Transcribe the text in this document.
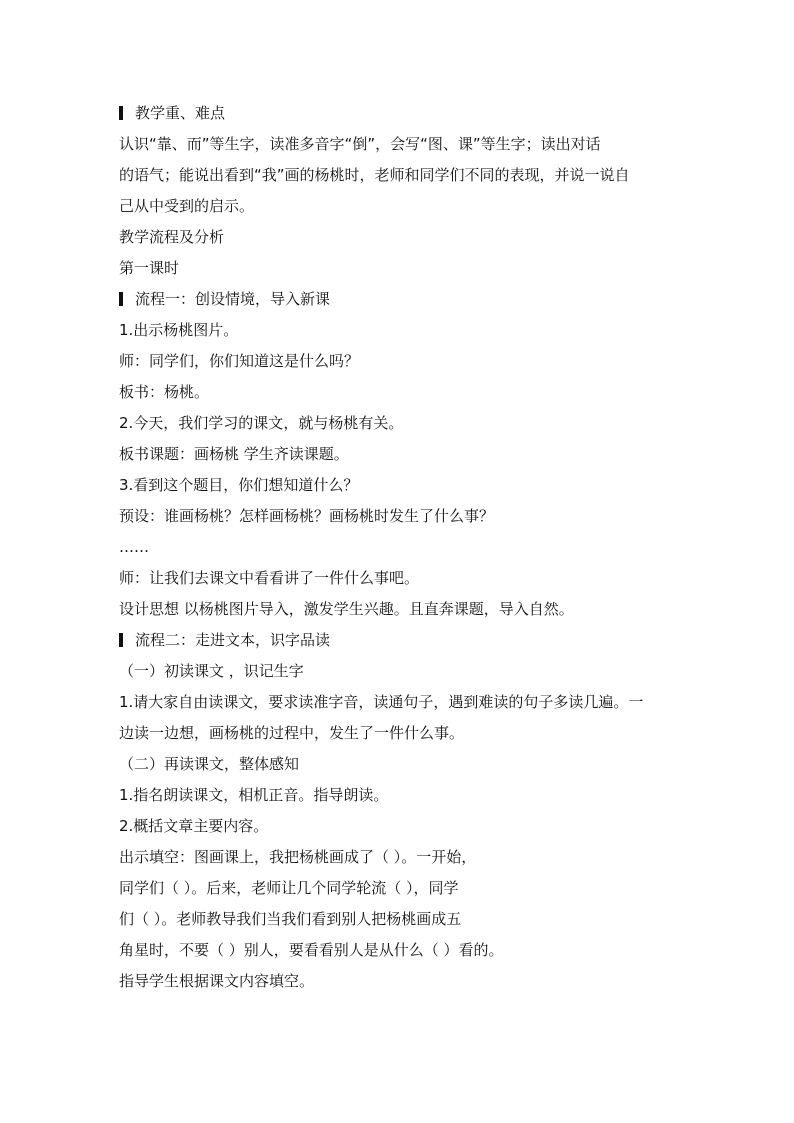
教学重、难点
认识“靠、而”等生字，读准多音字“倒”，会写“图、课”等生字；读出对话
的语气；能说出看到“我”画的杨桃时，老师和同学们不同的表现，并说一说自
己从中受到的启示。
教学流程及分析
第一课时
流程一：创设情境，导入新课
1.出示杨桃图片。
师：同学们，你们知道这是什么吗？
板书：杨桃。
2.今天，我们学习的课文，就与杨桃有关。
板书课题：画杨桃 学生齐读课题。
3.看到这个题目，你们想知道什么？
预设：谁画杨桃？怎样画杨桃？画杨桃时发生了什么事？
……
师：让我们去课文中看看讲了一件什么事吧。
设计思想 以杨桃图片导入，激发学生兴趣。且直奔课题，导入自然。
流程二：走进文本，识字品读
（一）初读课文 ，识记生字
1.请大家自由读课文，要求读准字音，读通句子，遇到难读的句子多读几遍。一
边读一边想，画杨桃的过程中，发生了一件什么事。
（二）再读课文，整体感知
1.指名朗读课文，相机正音。指导朗读。
2.概括文章主要内容。
出示填空：图画课上，我把杨桃画成了（ ）。一开始，
同学们（ ）。后来，老师让几个同学轮流（ ），同学
们（ ）。老师教导我们当我们看到别人把杨桃画成五
角星时，不要（ ）别人，要看看别人是从什么（ ）看的。
指导学生根据课文内容填空。
